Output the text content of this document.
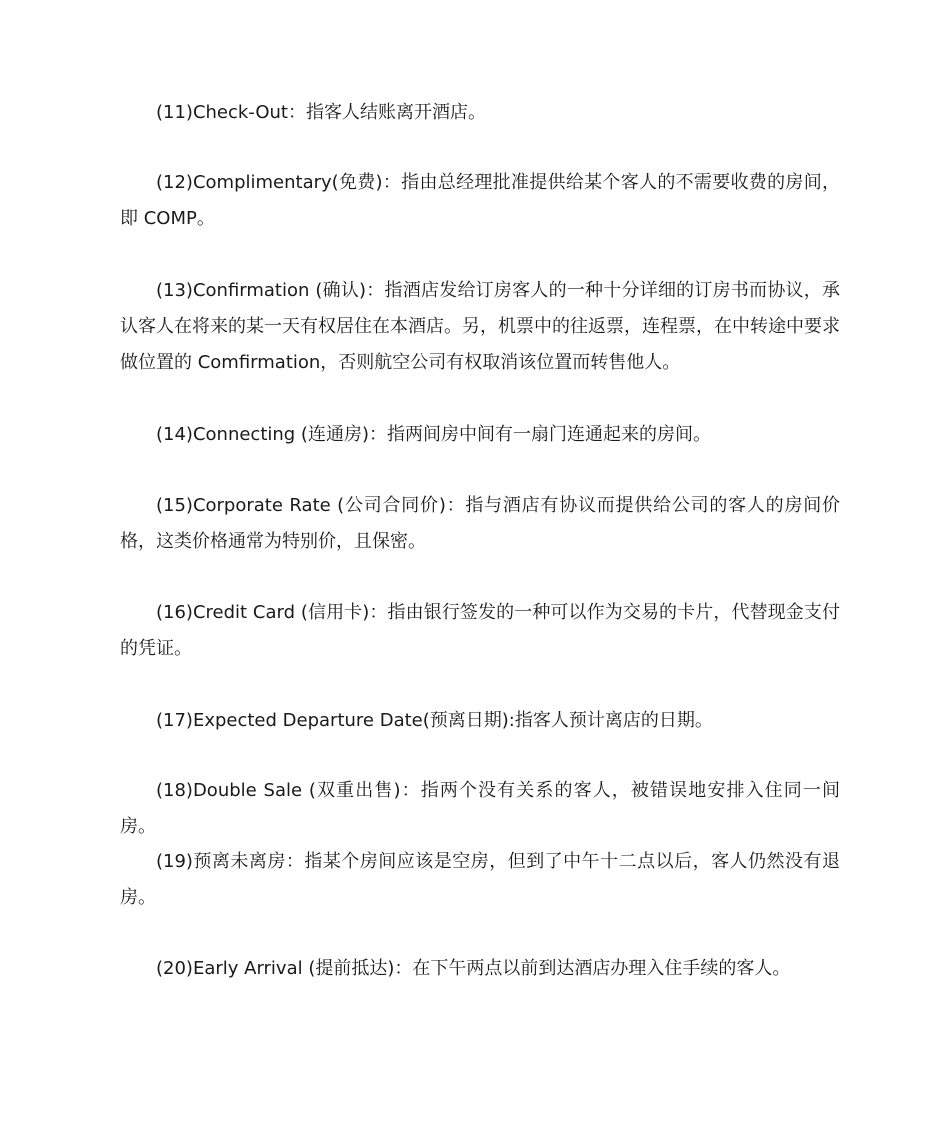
(11)Check-Out：指客人结账离开酒店。

(12)Complimentary(免费)：指由总经理批准提供给某个客人的不需要收费的房间，即 COMP。

(13)Confirmation (确认)：指酒店发给订房客人的一种十分详细的订房书而协议，承认客人在将来的某一天有权居住在本酒店。另，机票中的往返票，连程票，在中转途中要求做位置的 Comfirmation，否则航空公司有权取消该位置而转售他人。

(14)Connecting (连通房)：指两间房中间有一扇门连通起来的房间。

(15)Corporate Rate (公司合同价)：指与酒店有协议而提供给公司的客人的房间价格，这类价格通常为特别价，且保密。

(16)Credit Card (信用卡)：指由银行签发的一种可以作为交易的卡片，代替现金支付的凭证。

(17)Expected Departure Date(预离日期):指客人预计离店的日期。

(18)Double Sale (双重出售)：指两个没有关系的客人，被错误地安排入住同一间房。

(19)预离未离房：指某个房间应该是空房，但到了中午十二点以后，客人仍然没有退房。

(20)Early Arrival (提前抵达)：在下午两点以前到达酒店办理入住手续的客人。
